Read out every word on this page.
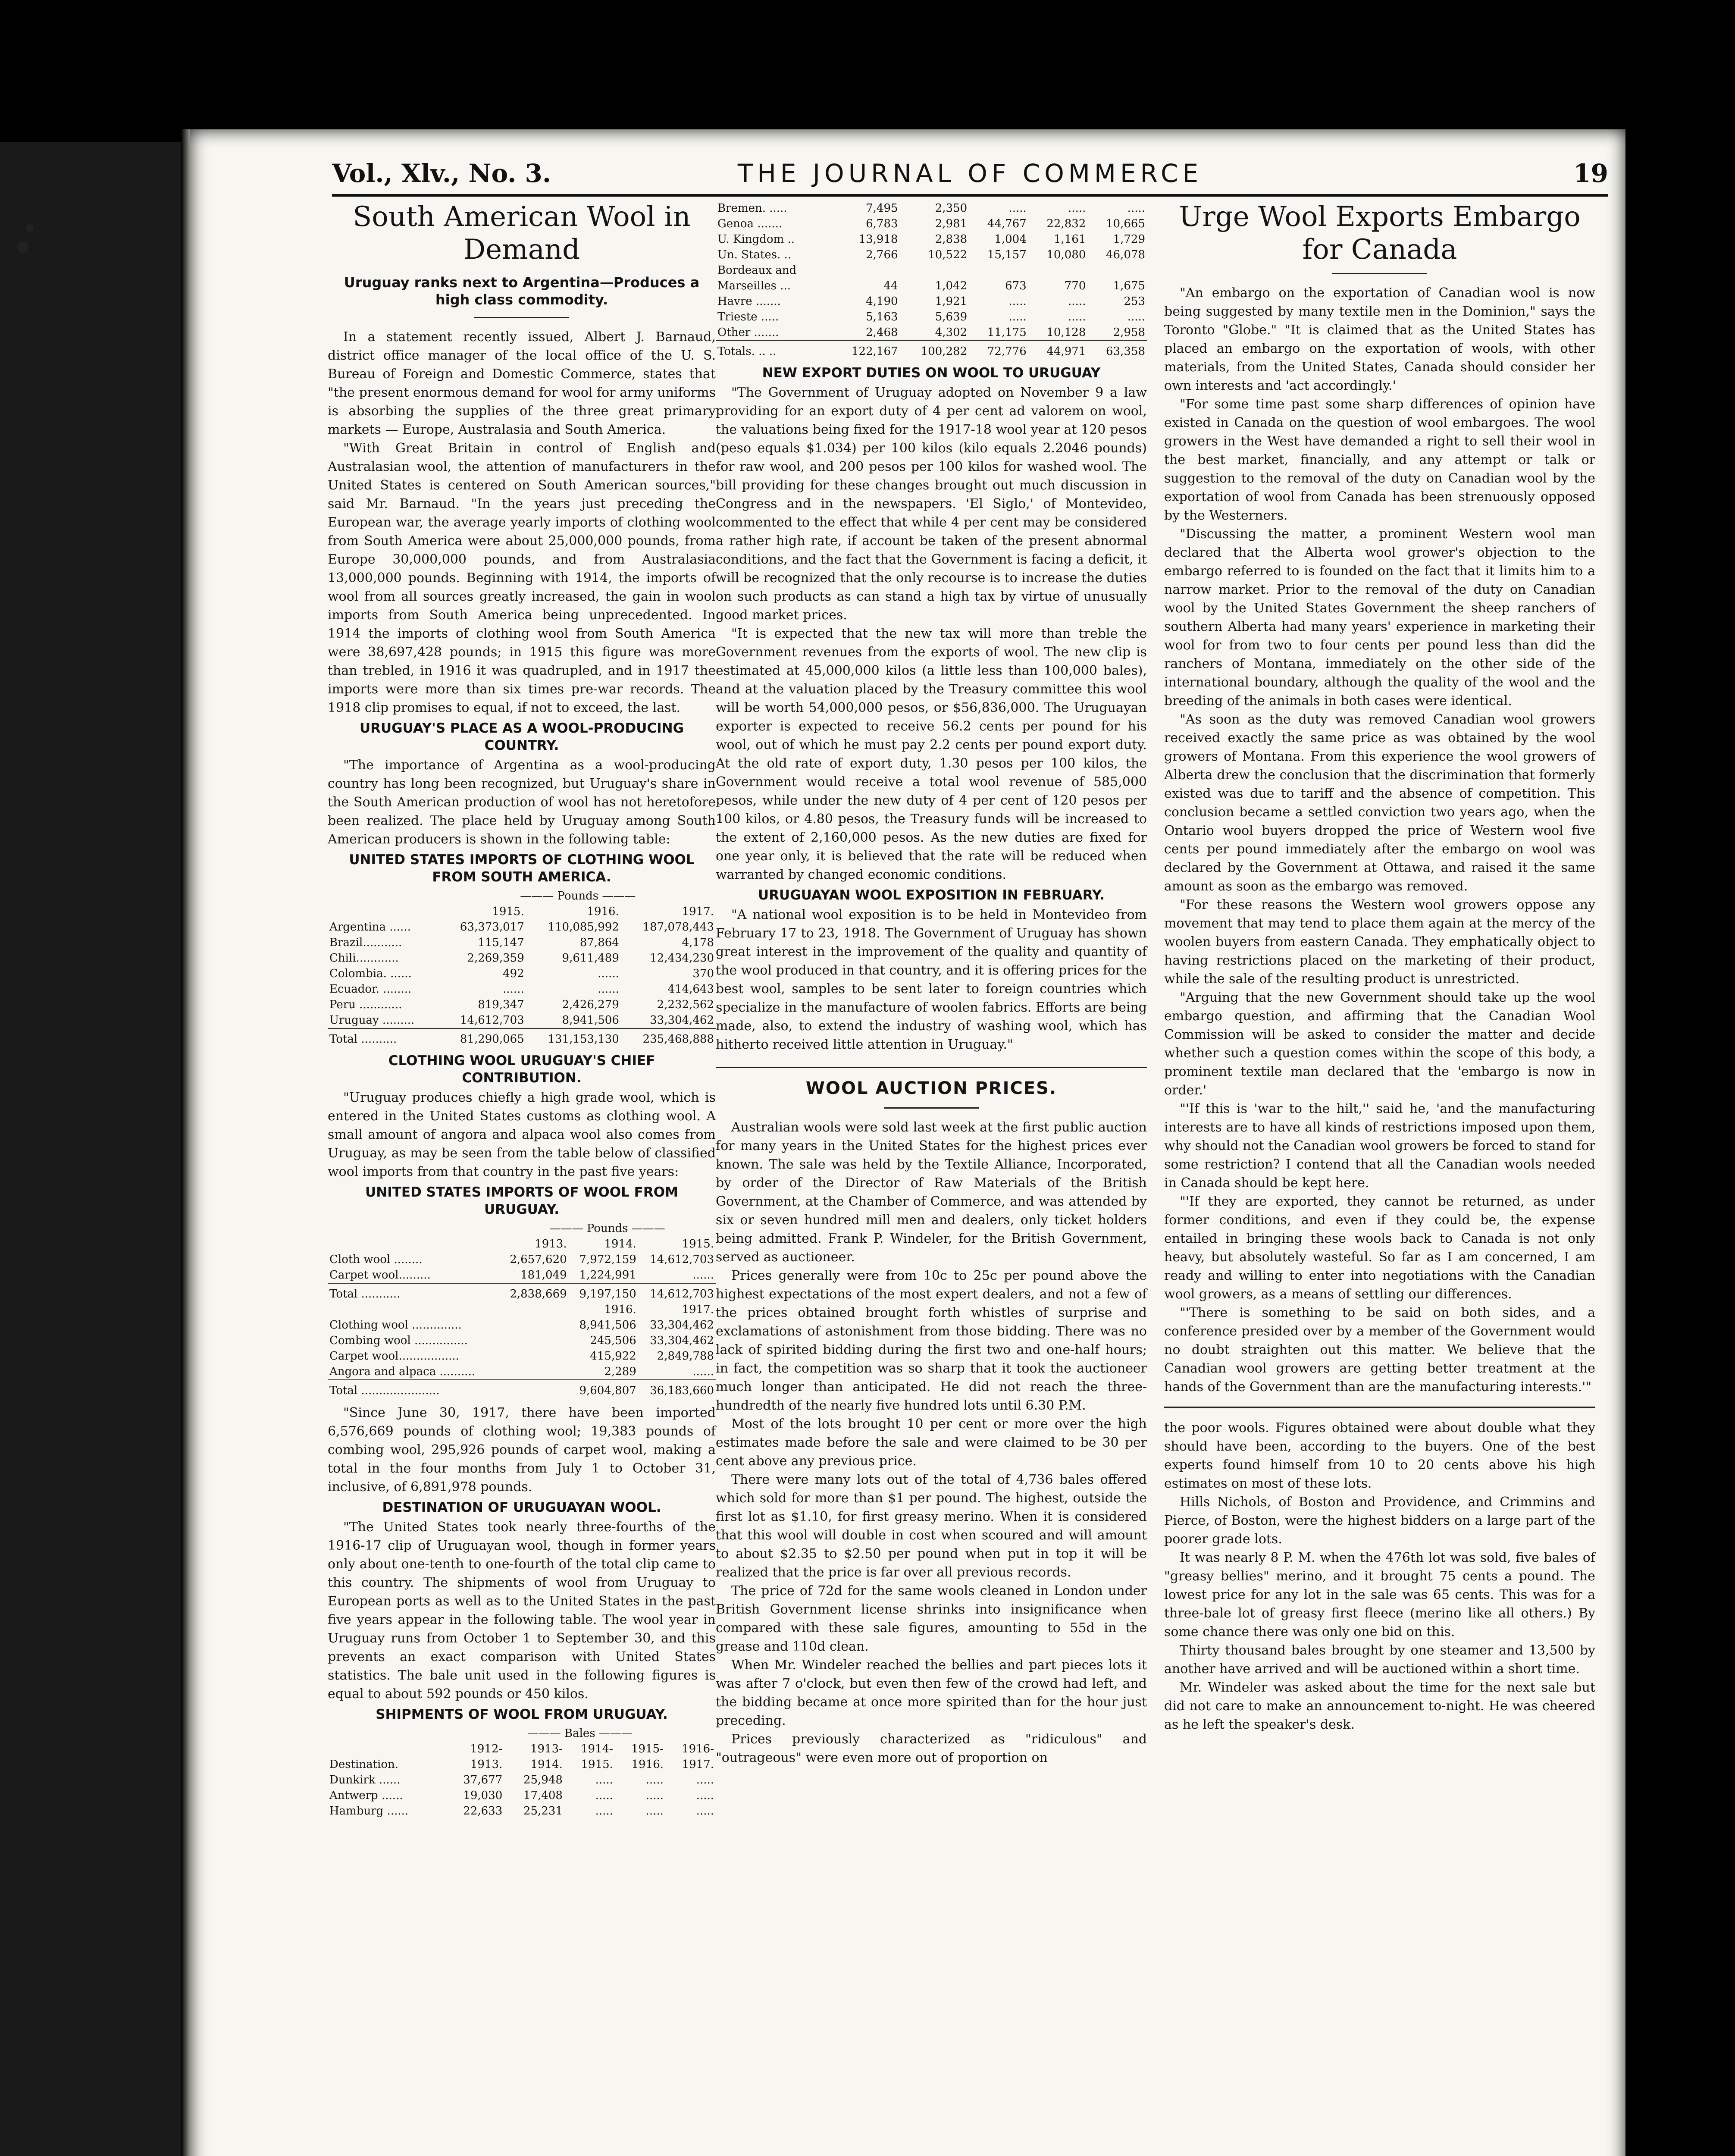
Vol., Xlv., No. 3.	THE JOURNAL OF COMMERCE	19
South American Wool in Demand
Uruguay ranks next to Argentina—Produces a high class commodity.

In a statement recently issued, Albert J. Barnaud, district office manager of the local office of the U. S. Bureau of Foreign and Domestic Commerce, states that "the present enormous demand for wool for army uniforms is absorbing the supplies of the three great primary markets — Europe, Australasia and South America.

"With Great Britain in control of English and Australasian wool, the attention of manufacturers in the United States is centered on South American sources," said Mr. Barnaud. "In the years just preceding the European war, the average yearly imports of clothing wool from South America were about 25,000,000 pounds, from Europe 30,000,000 pounds, and from Australasia 13,000,000 pounds. Beginning with 1914, the imports of wool from all sources greatly increased, the gain in wool imports from South America being unprecedented. In 1914 the imports of clothing wool from South America were 38,697,428 pounds; in 1915 this figure was more than trebled, in 1916 it was quadrupled, and in 1917 the imports were more than six times pre-war records. The 1918 clip promises to equal, if not to exceed, the last.

URUGUAY'S PLACE AS A WOOL-PRODUCING COUNTRY.

"The importance of Argentina as a wool-producing country has long been recognized, but Uruguay's share in the South American production of wool has not heretofore been realized. The place held by Uruguay among South American producers is shown in the following table:

UNITED STATES IMPORTS OF CLOTHING WOOL FROM SOUTH AMERICA.
	——— Pounds ———		
	1915.	1916.	1917.
Argentina ......	63,373,017	110,085,992	187,078,443
Brazil...........	115,147	87,864	4,178
Chili............	2,269,359	9,611,489	12,434,230
Colombia. ......	492	......	370
Ecuador. ........	......	......	414,643
Peru ............	819,347	2,426,279	2,232,562
Uruguay .........	14,612,703	8,941,506	33,304,462
Total ..........	81,290,065	131,153,130	235,468,888
CLOTHING WOOL URUGUAY'S CHIEF CONTRIBUTION.

"Uruguay produces chiefly a high grade wool, which is entered in the United States customs as clothing wool. A small amount of angora and alpaca wool also comes from Uruguay, as may be seen from the table below of classified wool imports from that country in the past five years:

UNITED STATES IMPORTS OF WOOL FROM URUGUAY.
	——— Pounds ———		
	1913.	1914.	1915.
Cloth wool ........	2,657,620	7,972,159	14,612,703
Carpet wool.........	181,049	1,224,991	......
Total ...........	2,838,669	9,197,150	14,612,703
		1916.	1917.
Clothing wool ..............		8,941,506	33,304,462
Combing wool ...............		245,506	33,304,462
Carpet wool.................		415,922	2,849,788
Angora and alpaca ..........		2,289	......
Total ......................		9,604,807	36,183,660

"Since June 30, 1917, there have been imported 6,576,669 pounds of clothing wool; 19,383 pounds of combing wool, 295,926 pounds of carpet wool, making a total in the four months from July 1 to October 31, inclusive, of 6,891,978 pounds.

DESTINATION OF URUGUAYAN WOOL.

"The United States took nearly three-fourths of the 1916-17 clip of Uruguayan wool, though in former years only about one-tenth to one-fourth of the total clip came to this country. The shipments of wool from Uruguay to European ports as well as to the United States in the past five years appear in the following table. The wool year in Uruguay runs from October 1 to September 30, and this prevents an exact comparison with United States statistics. The bale unit used in the following figures is equal to about 592 pounds or 450 kilos.

SHIPMENTS OF WOOL FROM URUGUAY.
	——— Bales ———				
	1912-	1913-	1914-	1915-	1916-
Destination.	1913.	1914.	1915.	1916.	1917.
Dunkirk ......	37,677	25,948	.....	.....	.....
Antwerp ......	19,030	17,408	.....	.....	.....
Hamburg ......	22,633	25,231	.....	.....	.....
Bremen. .....	7,495	2,350	.....	.....	.....
Genoa .......	6,783	2,981	44,767	22,832	10,665
U. Kingdom ..	13,918	2,838	1,004	1,161	1,729
Un. States. ..	2,766	10,522	15,157	10,080	46,078
Bordeaux and					
Marseilles ...	44	1,042	673	770	1,675
Havre .......	4,190	1,921	.....	.....	253
Trieste .....	5,163	5,639	.....	.....	.....
Other .......	2,468	4,302	11,175	10,128	2,958
Totals. .. ..	122,167	100,282	72,776	44,971	63,358
NEW EXPORT DUTIES ON WOOL TO URUGUAY

"The Government of Uruguay adopted on November 9 a law providing for an export duty of 4 per cent ad valorem on wool, the valuations being fixed for the 1917-18 wool year at 120 pesos (peso equals $1.034) per 100 kilos (kilo equals 2.2046 pounds) for raw wool, and 200 pesos per 100 kilos for washed wool. The bill providing for these changes brought out much discussion in Congress and in the newspapers. 'El Siglo,' of Montevideo, commented to the effect that while 4 per cent may be considered a rather high rate, if account be taken of the present abnormal conditions, and the fact that the Government is facing a deficit, it will be recognized that the only recourse is to increase the duties on such products as can stand a high tax by virtue of unusually good market prices.

"It is expected that the new tax will more than treble the Government revenues from the exports of wool. The new clip is estimated at 45,000,000 kilos (a little less than 100,000 bales), and at the valuation placed by the Treasury committee this wool will be worth 54,000,000 pesos, or $56,836,000. The Uruguayan exporter is expected to receive 56.2 cents per pound for his wool, out of which he must pay 2.2 cents per pound export duty. At the old rate of export duty, 1.30 pesos per 100 kilos, the Government would receive a total wool revenue of 585,000 pesos, while under the new duty of 4 per cent of 120 pesos per 100 kilos, or 4.80 pesos, the Treasury funds will be increased to the extent of 2,160,000 pesos. As the new duties are fixed for one year only, it is believed that the rate will be reduced when warranted by changed economic conditions.

URUGUAYAN WOOL EXPOSITION IN FEBRUARY.

"A national wool exposition is to be held in Montevideo from February 17 to 23, 1918. The Government of Uruguay has shown great interest in the improvement of the quality and quantity of the wool produced in that country, and it is offering prices for the best wool, samples to be sent later to foreign countries which specialize in the manufacture of woolen fabrics. Efforts are being made, also, to extend the industry of washing wool, which has hitherto received little attention in Uruguay."

WOOL AUCTION PRICES.

Australian wools were sold last week at the first public auction for many years in the United States for the highest prices ever known. The sale was held by the Textile Alliance, Incorporated, by order of the Director of Raw Materials of the British Government, at the Chamber of Commerce, and was attended by six or seven hundred mill men and dealers, only ticket holders being admitted. Frank P. Windeler, for the British Government, served as auctioneer.

Prices generally were from 10c to 25c per pound above the highest expectations of the most expert dealers, and not a few of the prices obtained brought forth whistles of surprise and exclamations of astonishment from those bidding. There was no lack of spirited bidding during the first two and one-half hours; in fact, the competition was so sharp that it took the auctioneer much longer than anticipated. He did not reach the three-hundredth of the nearly five hundred lots until 6.30 P.M.

Most of the lots brought 10 per cent or more over the high estimates made before the sale and were claimed to be 30 per cent above any previous price.

There were many lots out of the total of 4,736 bales offered which sold for more than $1 per pound. The highest, outside the first lot as $1.10, for first greasy merino. When it is considered that this wool will double in cost when scoured and will amount to about $2.35 to $2.50 per pound when put in top it will be realized that the price is far over all previous records.

The price of 72d for the same wools cleaned in London under British Government license shrinks into insignificance when compared with these sale figures, amounting to 55d in the grease and 110d clean.

When Mr. Windeler reached the bellies and part pieces lots it was after 7 o'clock, but even then few of the crowd had left, and the bidding became at once more spirited than for the hour just preceding.

Prices previously characterized as "ridiculous" and "outrageous" were even more out of proportion on

Urge Wool Exports Embargo for Canada

"An embargo on the exportation of Canadian wool is now being suggested by many textile men in the Dominion," says the Toronto "Globe." "It is claimed that as the United States has placed an embargo on the exportation of wools, with other materials, from the United States, Canada should consider her own interests and 'act accordingly.'

"For some time past some sharp differences of opinion have existed in Canada on the question of wool embargoes. The wool growers in the West have demanded a right to sell their wool in the best market, financially, and any attempt or talk or suggestion to the removal of the duty on Canadian wool by the exportation of wool from Canada has been strenuously opposed by the Westerners.

"Discussing the matter, a prominent Western wool man declared that the Alberta wool grower's objection to the embargo referred to is founded on the fact that it limits him to a narrow market. Prior to the removal of the duty on Canadian wool by the United States Government the sheep ranchers of southern Alberta had many years' experience in marketing their wool for from two to four cents per pound less than did the ranchers of Montana, immediately on the other side of the international boundary, although the quality of the wool and the breeding of the animals in both cases were identical.

"As soon as the duty was removed Canadian wool growers received exactly the same price as was obtained by the wool growers of Montana. From this experience the wool growers of Alberta drew the conclusion that the discrimination that formerly existed was due to tariff and the absence of competition. This conclusion became a settled conviction two years ago, when the Ontario wool buyers dropped the price of Western wool five cents per pound immediately after the embargo on wool was declared by the Government at Ottawa, and raised it the same amount as soon as the embargo was removed.

"For these reasons the Western wool growers oppose any movement that may tend to place them again at the mercy of the woolen buyers from eastern Canada. They emphatically object to having restrictions placed on the marketing of their product, while the sale of the resulting product is unrestricted.

"Arguing that the new Government should take up the wool embargo question, and affirming that the Canadian Wool Commission will be asked to consider the matter and decide whether such a question comes within the scope of this body, a prominent textile man declared that the 'embargo is now in order.'

"'If this is 'war to the hilt,'' said he, 'and the manufacturing interests are to have all kinds of restrictions imposed upon them, why should not the Canadian wool growers be forced to stand for some restriction? I contend that all the Canadian wools needed in Canada should be kept here.

"'If they are exported, they cannot be returned, as under former conditions, and even if they could be, the expense entailed in bringing these wools back to Canada is not only heavy, but absolutely wasteful. So far as I am concerned, I am ready and willing to enter into negotiations with the Canadian wool growers, as a means of settling our differences.

"'There is something to be said on both sides, and a conference presided over by a member of the Government would no doubt straighten out this matter. We believe that the Canadian wool growers are getting better treatment at the hands of the Government than are the manufacturing interests.'"

the poor wools. Figures obtained were about double what they should have been, according to the buyers. One of the best experts found himself from 10 to 20 cents above his high estimates on most of these lots.

Hills Nichols, of Boston and Providence, and Crimmins and Pierce, of Boston, were the highest bidders on a large part of the poorer grade lots.

It was nearly 8 P. M. when the 476th lot was sold, five bales of "greasy bellies" merino, and it brought 75 cents a pound. The lowest price for any lot in the sale was 65 cents. This was for a three-bale lot of greasy first fleece (merino like all others.) By some chance there was only one bid on this.

Thirty thousand bales brought by one steamer and 13,500 by another have arrived and will be auctioned within a short time.

Mr. Windeler was asked about the time for the next sale but did not care to make an announcement to-night. He was cheered as he left the speaker's desk.
